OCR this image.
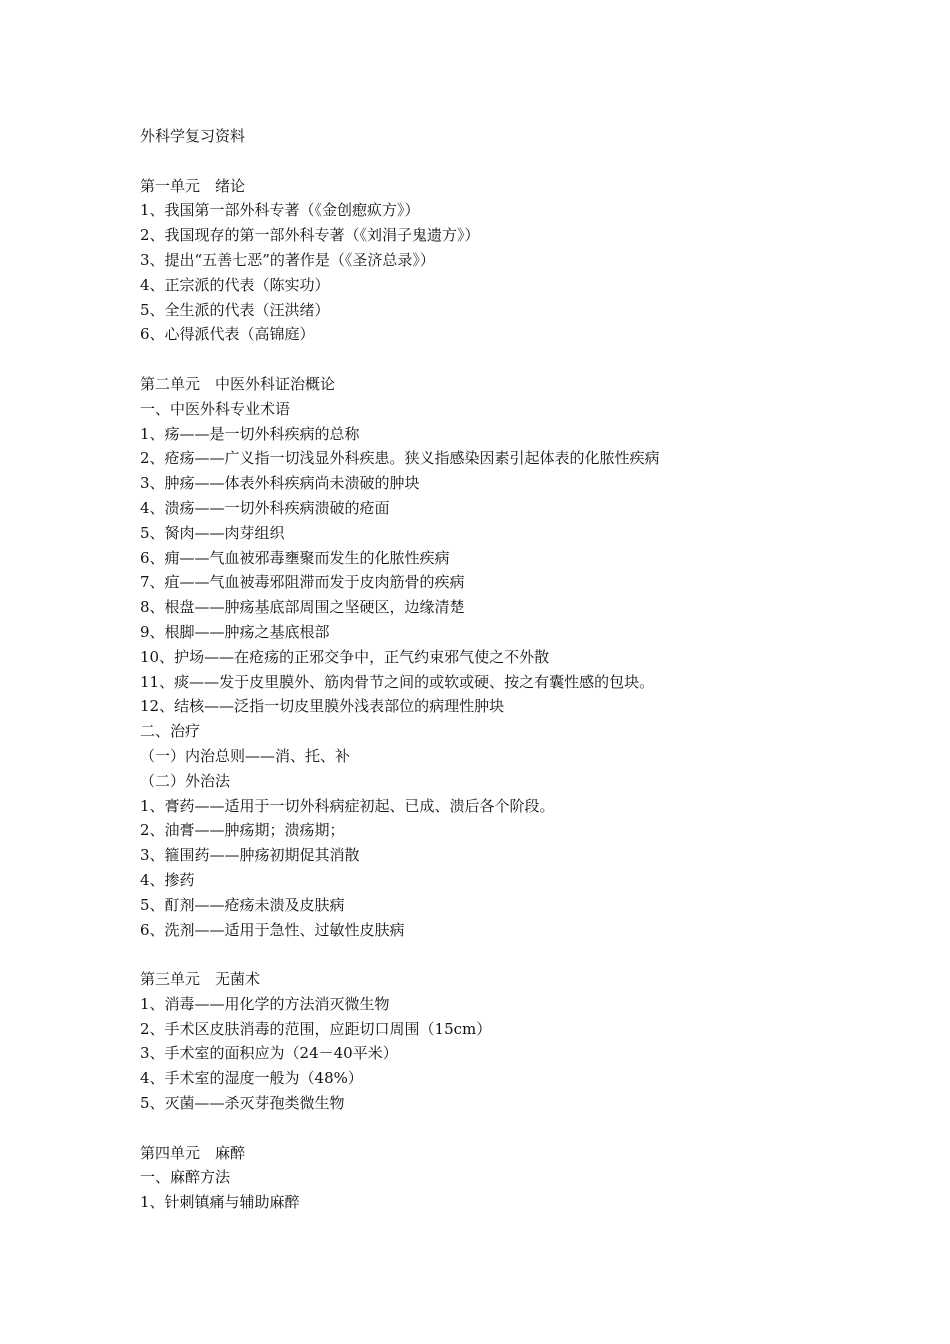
外科学复习资料
第一单元　绪论
1、我国第一部外科专著（《金创瘛疭方》）
2、我国现存的第一部外科专著（《刘涓子鬼遗方》）
3、提出“五善七恶”的著作是（《圣济总录》）
4、正宗派的代表（陈实功）
5、全生派的代表（汪洪绪）
6、心得派代表（高锦庭）
第二单元　中医外科证治概论
一、中医外科专业术语
1、疡——是一切外科疾病的总称
2、疮疡——广义指一切浅显外科疾患。狭义指感染因素引起体表的化脓性疾病
3、肿疡——体表外科疾病尚未溃破的肿块
4、溃疡——一切外科疾病溃破的疮面
5、胬肉——肉芽组织
6、痈——气血被邪毒壅聚而发生的化脓性疾病
7、疽——气血被毒邪阻滞而发于皮肉筋骨的疾病
8、根盘——肿疡基底部周围之坚硬区，边缘清楚
9、根脚——肿疡之基底根部
10、护场——在疮疡的正邪交争中，正气约束邪气使之不外散
11、痰——发于皮里膜外、筋肉骨节之间的或软或硬、按之有囊性感的包块。
12、结核——泛指一切皮里膜外浅表部位的病理性肿块
二、治疗
（一）内治总则——消、托、补
（二）外治法
1、膏药——适用于一切外科病症初起、已成、溃后各个阶段。
2、油膏——肿疡期；溃疡期；
3、箍围药——肿疡初期促其消散
4、掺药
5、酊剂——疮疡未溃及皮肤病
6、洗剂——适用于急性、过敏性皮肤病
第三单元　无菌术
1、消毒——用化学的方法消灭微生物
2、手术区皮肤消毒的范围，应距切口周围（15cm）
3、手术室的面积应为（24－40平米）
4、手术室的湿度一般为（48%）
5、灭菌——杀灭芽孢类微生物
第四单元　麻醉
一、麻醉方法
1、针刺镇痛与辅助麻醉
